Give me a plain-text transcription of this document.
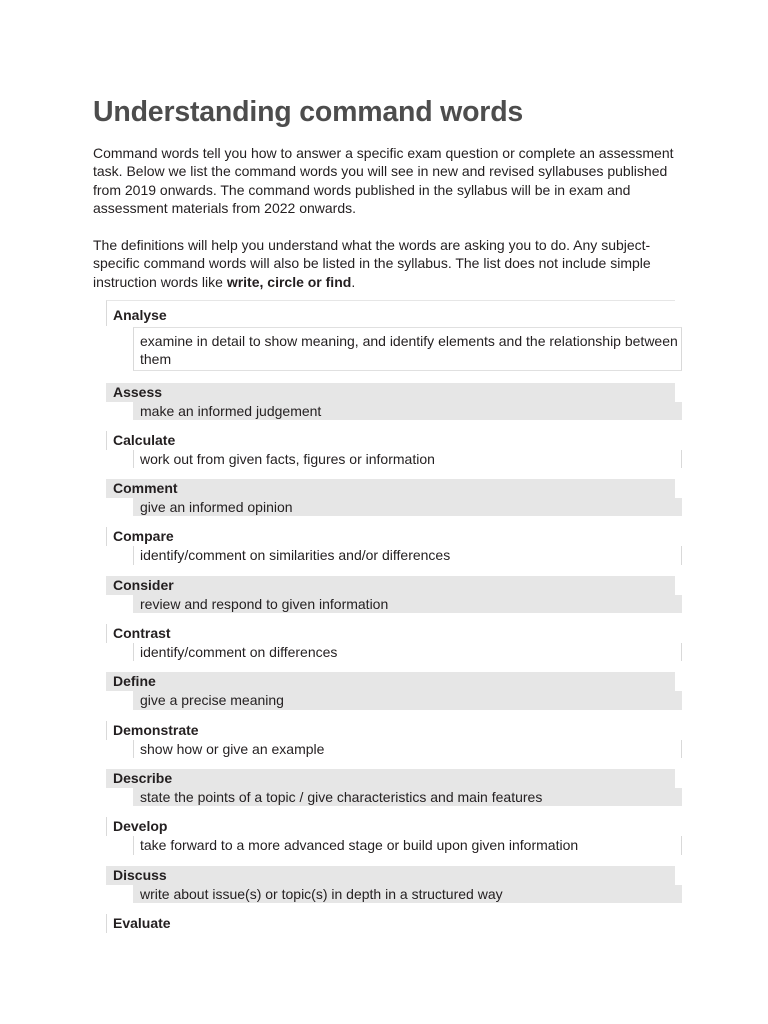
Understanding command words

Command words tell you how to answer a specific exam question or complete an assessment task. Below we list the command words you will see in new and revised syllabuses published from 2019 onwards. The command words published in the syllabus will be in exam and assessment materials from 2022 onwards.

The definitions will help you understand what the words are asking you to do. Any subject-specific command words will also be listed in the syllabus. The list does not include simple instruction words like write, circle or find.

Analyse
examine in detail to show meaning, and identify elements and the relationship between them
Assess
make an informed judgement
Calculate
work out from given facts, figures or information
Comment
give an informed opinion
Compare
identify/comment on similarities and/or differences
Consider
review and respond to given information
Contrast
identify/comment on differences
Define
give a precise meaning
Demonstrate
show how or give an example
Describe
state the points of a topic / give characteristics and main features
Develop
take forward to a more advanced stage or build upon given information
Discuss
write about issue(s) or topic(s) in depth in a structured way
Evaluate
